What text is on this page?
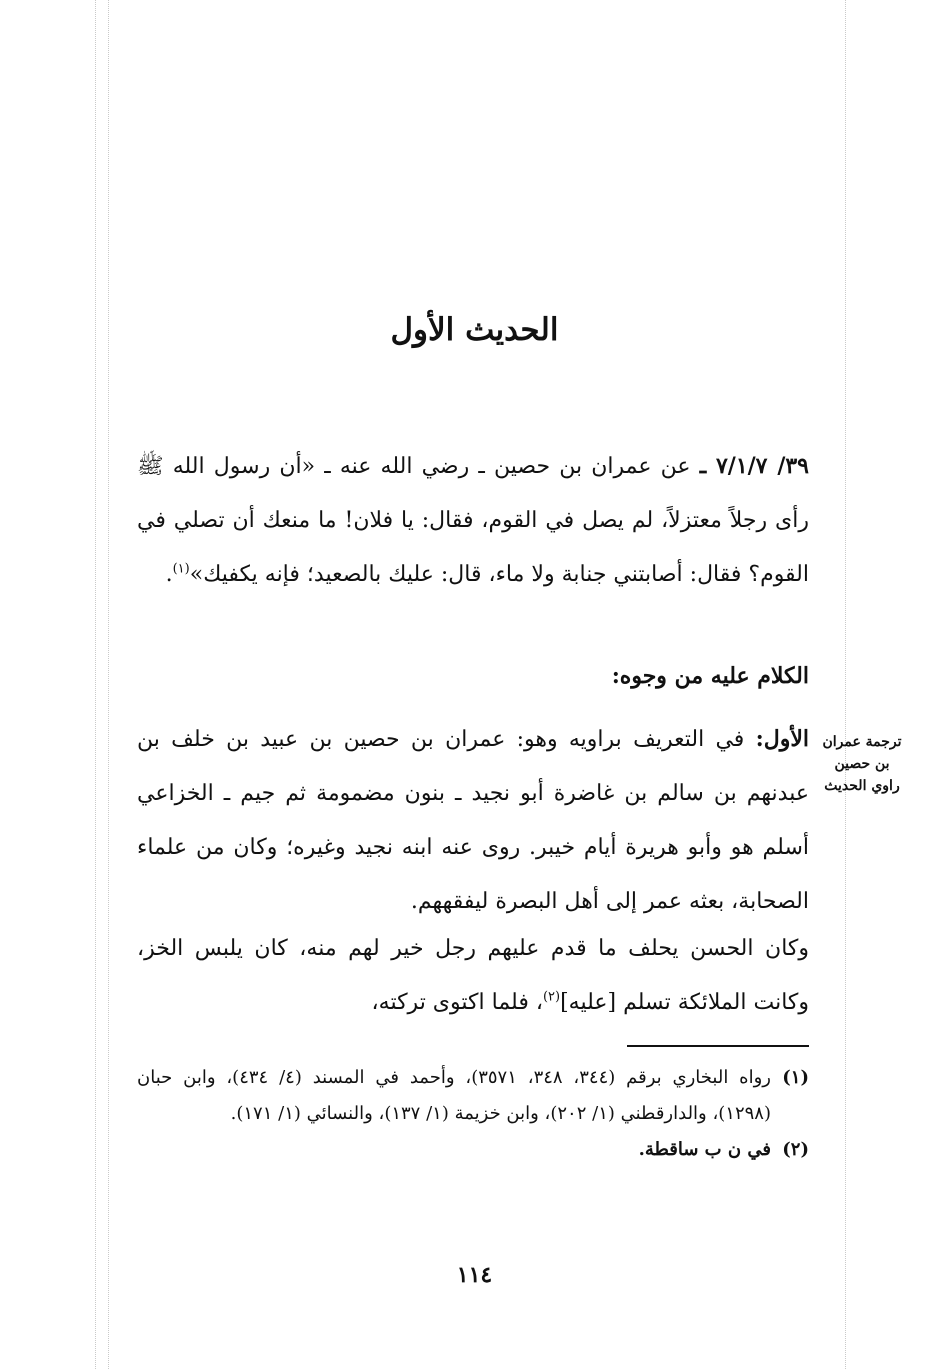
الحديث الأول

٣٩/ ٧/١/٧ ـ عن عمران بن حصين ـ رضي الله عنه ـ «أن رسول الله ﷺ رأى رجلاً معتزلاً، لم يصل في القوم، فقال: يا فلان! ما منعك أن تصلي في القوم؟ فقال: أصابتني جنابة ولا ماء، قال: عليك بالصعيد؛ فإنه يكفيك»$^{(١)}$.

الكلام عليه من وجوه:

ترجمة عمران
بن حصين
راوي الحديث

الأول: في التعريف براويه وهو: عمران بن حصين بن عبيد بن خلف بن عبدنهم بن سالم بن غاضرة أبو نجيد ـ بنون مضمومة ثم جيم ـ الخزاعي أسلم هو وأبو هريرة أيام خيبر. روى عنه ابنه نجيد وغيره؛ وكان من علماء الصحابة، بعثه عمر إلى أهل البصرة ليفقههم.

وكان الحسن يحلف ما قدم عليهم رجل خير لهم منه، كان يلبس الخز، وكانت الملائكة تسلم [عليه]$^{(٢)}$، فلما اكتوى تركته،

(١)
رواه البخاري برقم (٣٤٤، ٣٤٨، ٣٥٧١)، وأحمد في المسند (٤/ ٤٣٤)، وابن حبان (١٢٩٨)، والدارقطني (١/ ٢٠٢)، وابن خزيمة (١/ ١٣٧)، والنسائي (١/ ١٧١).

(٢)
في ن ب ساقطة.

١١٤
